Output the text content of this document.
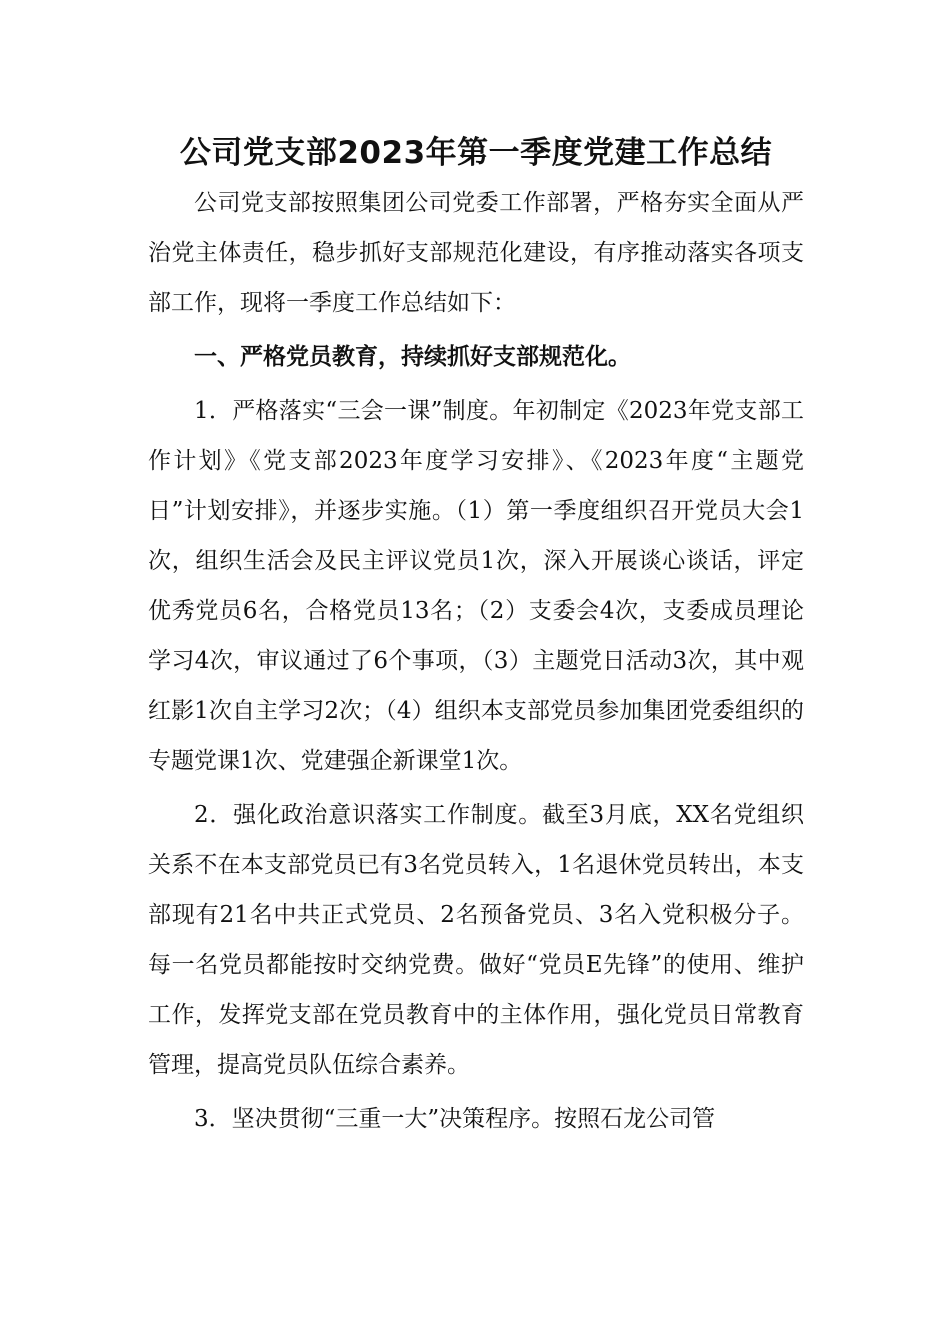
公司党支部2023年第一季度党建工作总结

公司党支部按照集团公司党委工作部署，严格夯实全面从严治党主体责任，稳步抓好支部规范化建设，有序推动落实各项支部工作，现将一季度工作总结如下：

一、严格党员教育，持续抓好支部规范化。

1．严格落实“三会一课”制度。年初制定《2023年党支部工作计划》《党支部2023年度学习安排》、《2023年度“主题党日”计划安排》，并逐步实施。（1）第一季度组织召开党员大会1次，组织生活会及民主评议党员1次，深入开展谈心谈话，评定优秀党员6名，合格党员13名；（2）支委会4次，支委成员理论学习4次，审议通过了6个事项，（3）主题党日活动3次，其中观红影1次自主学习2次；（4）组织本支部党员参加集团党委组织的专题党课1次、党建强企新课堂1次。

2．强化政治意识落实工作制度。截至3月底，XX名党组织关系不在本支部党员已有3名党员转入，1名退休党员转出，本支部现有21名中共正式党员、2名预备党员、3名入党积极分子。每一名党员都能按时交纳党费。做好“党员E先锋”的使用、维护工作，发挥党支部在党员教育中的主体作用，强化党员日常教育管理，提高党员队伍综合素养。

3．坚决贯彻“三重一大”决策程序。按照石龙公司管
